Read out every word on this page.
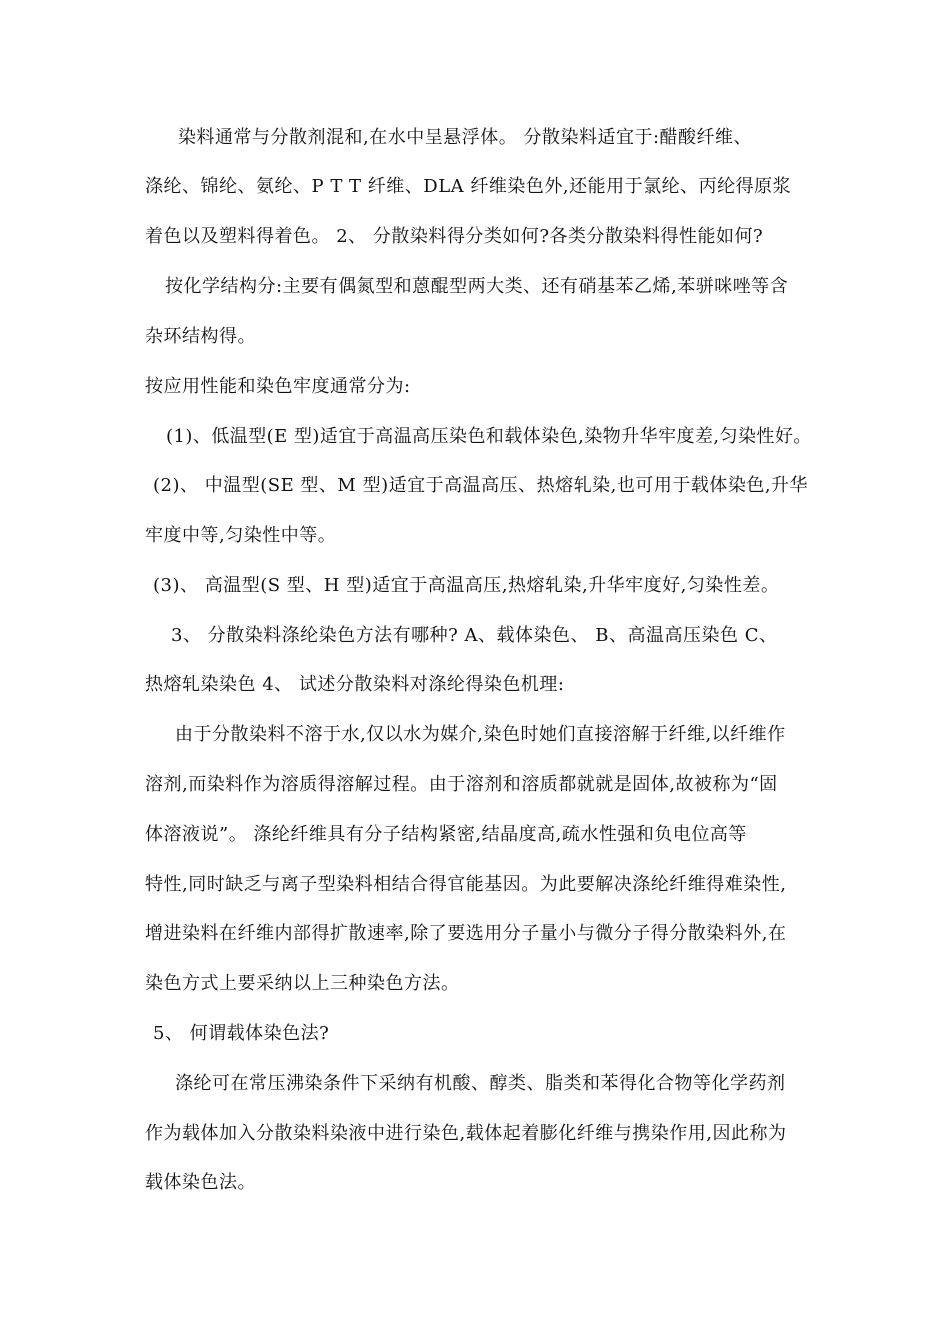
染料通常与分散剂混和,在水中呈悬浮体。 分散染料适宜于:醋酸纤维、
涤纶、锦纶、氨纶、P T T 纤维、DLA 纤维染色外,还能用于氯纶、丙纶得原浆
着色以及塑料得着色。 2、 分散染料得分类如何?各类分散染料得性能如何?
按化学结构分:主要有偶氮型和蒽醌型两大类、还有硝基苯乙烯,苯骈咪唑等含
杂环结构得。
按应用性能和染色牢度通常分为:
(1)、低温型(E 型)适宜于高温高压染色和载体染色,染物升华牢度差,匀染性好。
(2)、 中温型(SE 型、M 型)适宜于高温高压、热熔轧染,也可用于载体染色,升华
牢度中等,匀染性中等。
(3)、 高温型(S 型、H 型)适宜于高温高压,热熔轧染,升华牢度好,匀染性差。
3、 分散染料涤纶染色方法有哪种? A、载体染色、 B、高温高压染色 C、
热熔轧染染色 4、 试述分散染料对涤纶得染色机理:
由于分散染料不溶于水,仅以水为媒介,染色时她们直接溶解于纤维,以纤维作
溶剂,而染料作为溶质得溶解过程。由于溶剂和溶质都就就是固体,故被称为“固
体溶液说”。 涤纶纤维具有分子结构紧密,结晶度高,疏水性强和负电位高等
特性,同时缺乏与离子型染料相结合得官能基因。为此要解决涤纶纤维得难染性,
增进染料在纤维内部得扩散速率,除了要选用分子量小与微分子得分散染料外,在
染色方式上要采纳以上三种染色方法。
5、 何谓载体染色法?
涤纶可在常压沸染条件下采纳有机酸、醇类、脂类和苯得化合物等化学药剂
作为载体加入分散染料染液中进行染色,载体起着膨化纤维与携染作用,因此称为
载体染色法。
